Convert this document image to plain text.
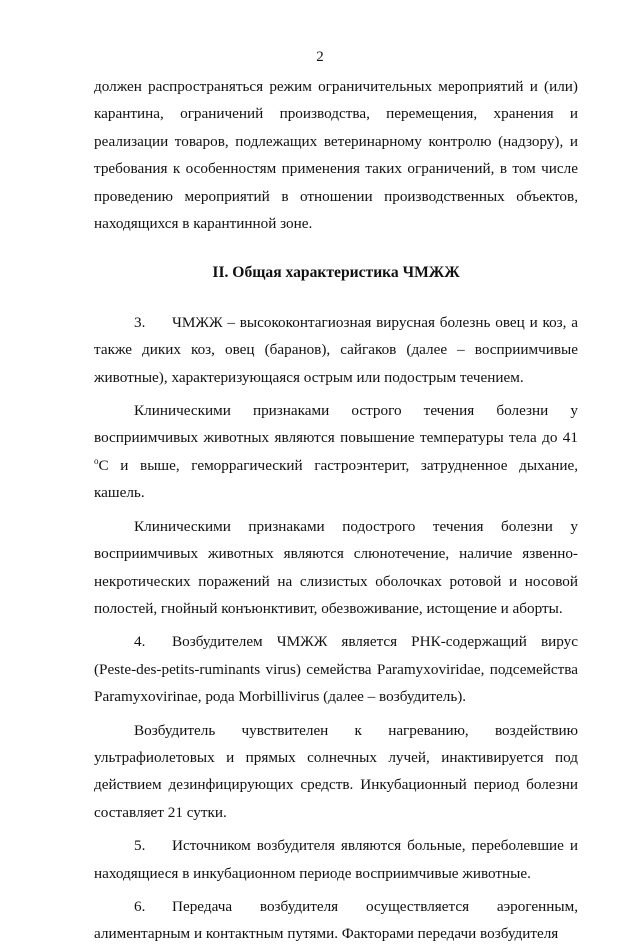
2

должен распространяться режим ограничительных мероприятий и (или) карантина, ограничений производства, перемещения, хранения и реализации товаров, подлежащих ветеринарному контролю (надзору), и требования к особенностям применения таких ограничений, в том числе проведению мероприятий в отношении производственных объектов, находящихся в карантинной зоне.

II. Общая характеристика ЧМЖЖ

3. ЧМЖЖ – высококонтагиозная вирусная болезнь овец и коз, а также диких коз, овец (баранов), сайгаков (далее – восприимчивые животные), характеризующаяся острым или подострым течением.

Клиническими признаками острого течения болезни у восприимчивых животных являются повышение температуры тела до 41 $^о$С и выше, геморрагический гастроэнтерит, затрудненное дыхание, кашель.

Клиническими признаками подострого течения болезни у восприимчивых животных являются слюнотечение, наличие язвенно-некротических поражений на слизистых оболочках ротовой и носовой полостей, гнойный конъюнктивит, обезвоживание, истощение и аборты.

4. Возбудителем ЧМЖЖ является РНК-содержащий вирус (Peste-des-petits-ruminants virus) семейства Paramyxoviridae, подсемейства Paramyxovirinae, рода Morbillivirus (далее – возбудитель).

Возбудитель чувствителен к нагреванию, воздействию ультрафиолетовых и прямых солнечных лучей, инактивируется под действием дезинфицирующих средств. Инкубационный период болезни составляет 21 сутки.

5. Источником возбудителя являются больные, переболевшие и находящиеся в инкубационном периоде восприимчивые животные.

6. Передача возбудителя осуществляется аэрогенным, алиментарным и контактным путями. Факторами передачи возбудителя
